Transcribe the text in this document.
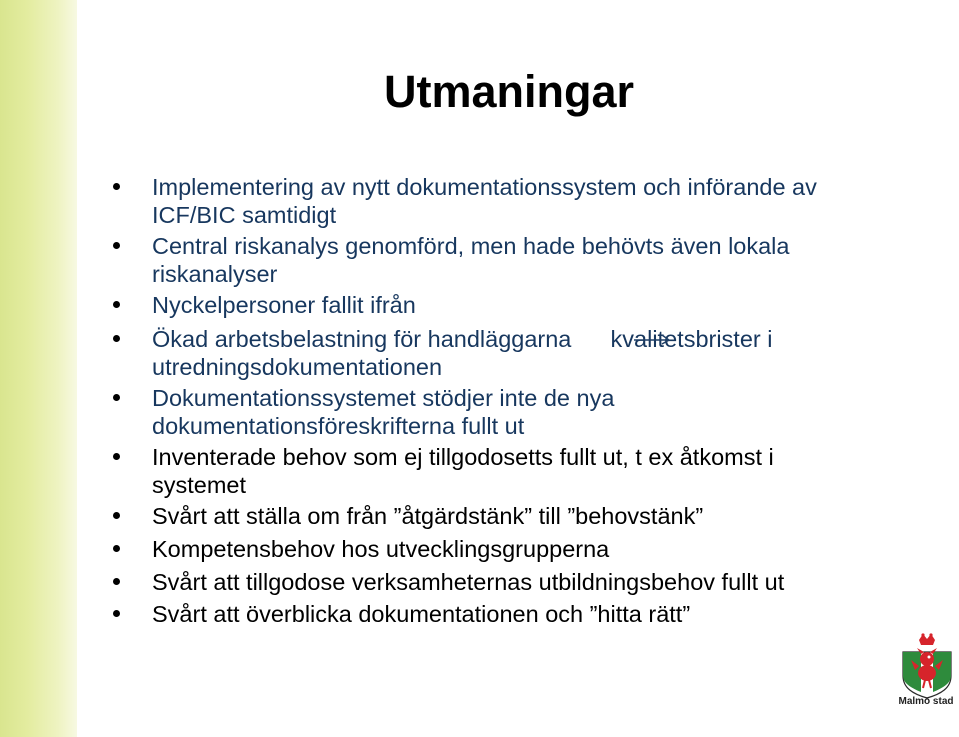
Utmaningar
Implementering av nytt dokumentationssystem och införande av
ICF/BIC samtidigt
Central riskanalys genomförd, men hade behövts även lokala
riskanalyser
Nyckelpersoner fallit ifrån
Ökad arbetsbelastning för handläggarna      kvalitetsbrister i
utredningsdokumentationen
Dokumentationssystemet stödjer inte de nya
dokumentationsföreskrifterna fullt ut
Inventerade behov som ej tillgodosetts fullt ut, t ex åtkomst i
systemet
Svårt att ställa om från ”åtgärdstänk” till ”behovstänk”
Kompetensbehov hos utvecklingsgrupperna
Svårt att tillgodose verksamheternas utbildningsbehov fullt ut
Svårt att överblicka dokumentationen och ”hitta rätt”
Malmö stad
